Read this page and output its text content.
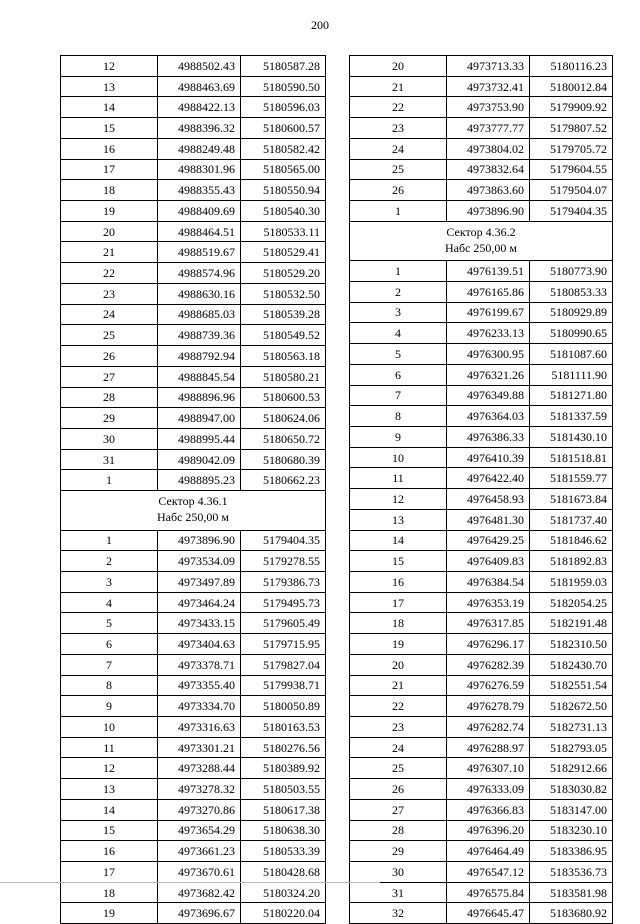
200
12	4988502.43	5180587.28
13	4988463.69	5180590.50
14	4988422.13	5180596.03
15	4988396.32	5180600.57
16	4988249.48	5180582.42
17	4988301.96	5180565.00
18	4988355.43	5180550.94
19	4988409.69	5180540.30
20	4988464.51	5180533.11
21	4988519.67	5180529.41
22	4988574.96	5180529.20
23	4988630.16	5180532.50
24	4988685.03	5180539.28
25	4988739.36	5180549.52
26	4988792.94	5180563.18
27	4988845.54	5180580.21
28	4988896.96	5180600.53
29	4988947.00	5180624.06
30	4988995.44	5180650.72
31	4989042.09	5180680.39
1	4988895.23	5180662.23

Сектор 4.36.1
Набс 250,00 м		

1	4973896.90	5179404.35
2	4973534.09	5179278.55
3	4973497.89	5179386.73
4	4973464.24	5179495.73
5	4973433.15	5179605.49
6	4973404.63	5179715.95
7	4973378.71	5179827.04
8	4973355.40	5179938.71
9	4973334.70	5180050.89
10	4973316.63	5180163.53
11	4973301.21	5180276.56
12	4973288.44	5180389.92
13	4973278.32	5180503.55
14	4973270.86	5180617.38
15	4973654.29	5180638.30
16	4973661.23	5180533.39
17	4973670.61	5180428.68
18	4973682.42	5180324.20
19	4973696.67	5180220.04
20	4973713.33	5180116.23
21	4973732.41	5180012.84
22	4973753.90	5179909.92
23	4973777.77	5179807.52
24	4973804.02	5179705.72
25	4973832.64	5179604.55
26	4973863.60	5179504.07
1	4973896.90	5179404.35

Сектор 4.36.2
Набс 250,00 м		

1	4976139.51	5180773.90
2	4976165.86	5180853.33
3	4976199.67	5180929.89
4	4976233.13	5180990.65
5	4976300.95	5181087.60
6	4976321.26	5181111.90
7	4976349.88	5181271.80
8	4976364.03	5181337.59
9	4976386.33	5181430.10
10	4976410.39	5181518.81
11	4976422.40	5181559.77
12	4976458.93	5181673.84
13	4976481.30	5181737.40
14	4976429.25	5181846.62
15	4976409.83	5181892.83
16	4976384.54	5181959.03
17	4976353.19	5182054.25
18	4976317.85	5182191.48
19	4976296.17	5182310.50
20	4976282.39	5182430.70
21	4976276.59	5182551.54
22	4976278.79	5182672.50
23	4976282.74	5182731.13
24	4976288.97	5182793.05
25	4976307.10	5182912.66
26	4976333.09	5183030.82
27	4976366.83	5183147.00
28	4976396.20	5183230.10
29	4976464.49	5183386.95
30	4976547.12	5183536.73
31	4976575.84	5183581.98
32	4976645.47	5183680.92
